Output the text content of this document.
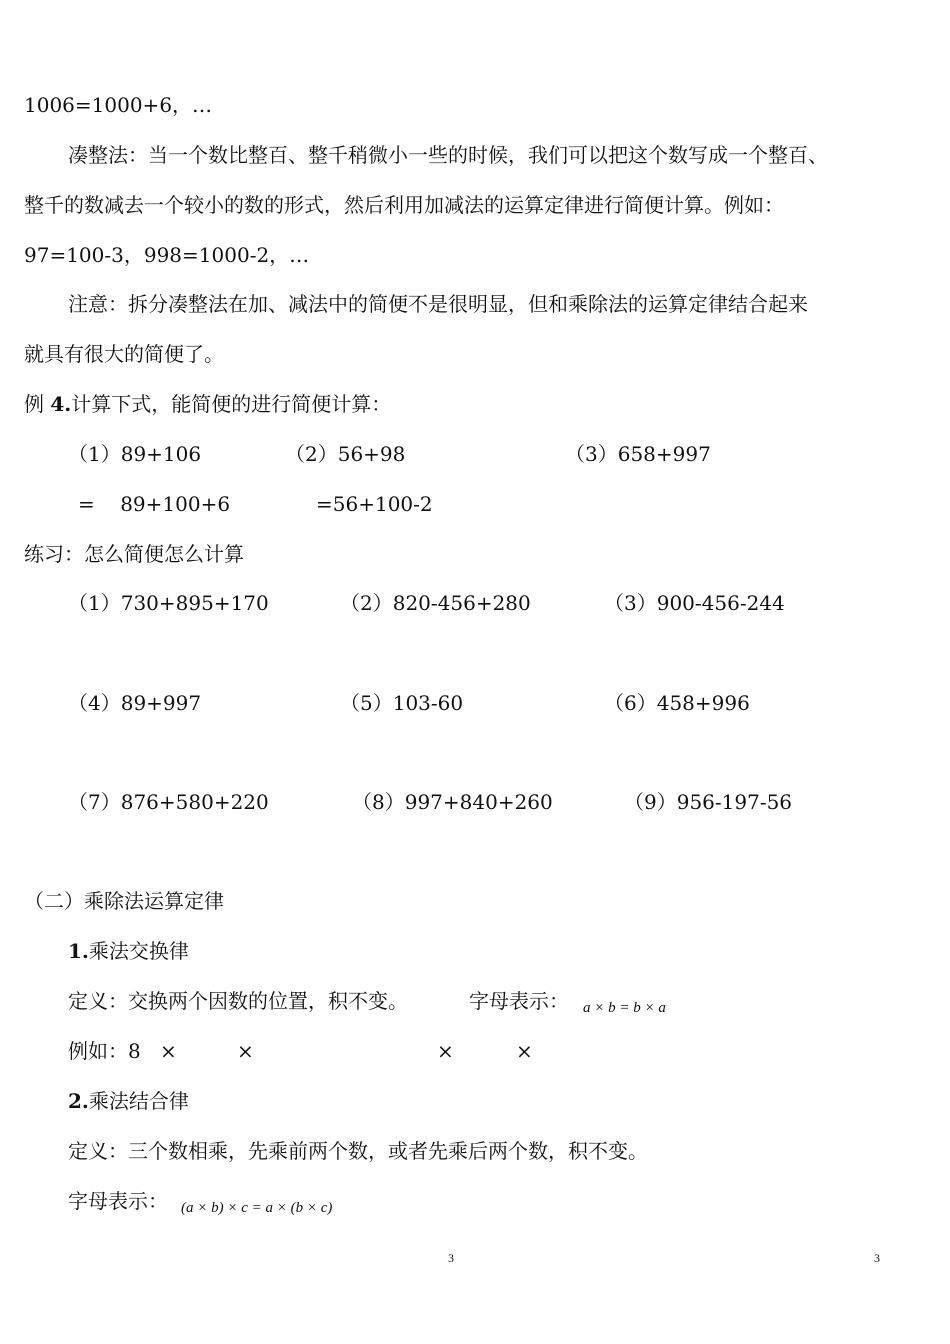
1006=1000+6，…
凑整法：当一个数比整百、整千稍微小一些的时候，我们可以把这个数写成一个整百、
整千的数减去一个较小的数的形式，然后利用加减法的运算定律进行简便计算。例如：
97=100-3，998=1000-2，…
注意：拆分凑整法在加、减法中的简便不是很明显，但和乘除法的运算定律结合起来
就具有很大的简便了。
例 4.计算下式，能简便的进行简便计算：
（1）89+106	（2）56+98	（3）658+997
=    89+100+6	=56+100-2
练习：怎么简便怎么计算
（1）730+895+170	（2）820-456+280	（3）900-456-244
（4）89+997	（5）103-60	（6）458+996
（7）876+580+220	（8）997+840+260	（9）956-197-56
（二）乘除法运算定律
1.乘法交换律
定义：交换两个因数的位置，积不变。	字母表示： a × b = b × a
例如：8 ×	×	×	×
2.乘法结合律
定义：三个数相乘，先乘前两个数，或者先乘后两个数，积不变。
字母表示： (a × b) × c = a × (b × c)
3	3
